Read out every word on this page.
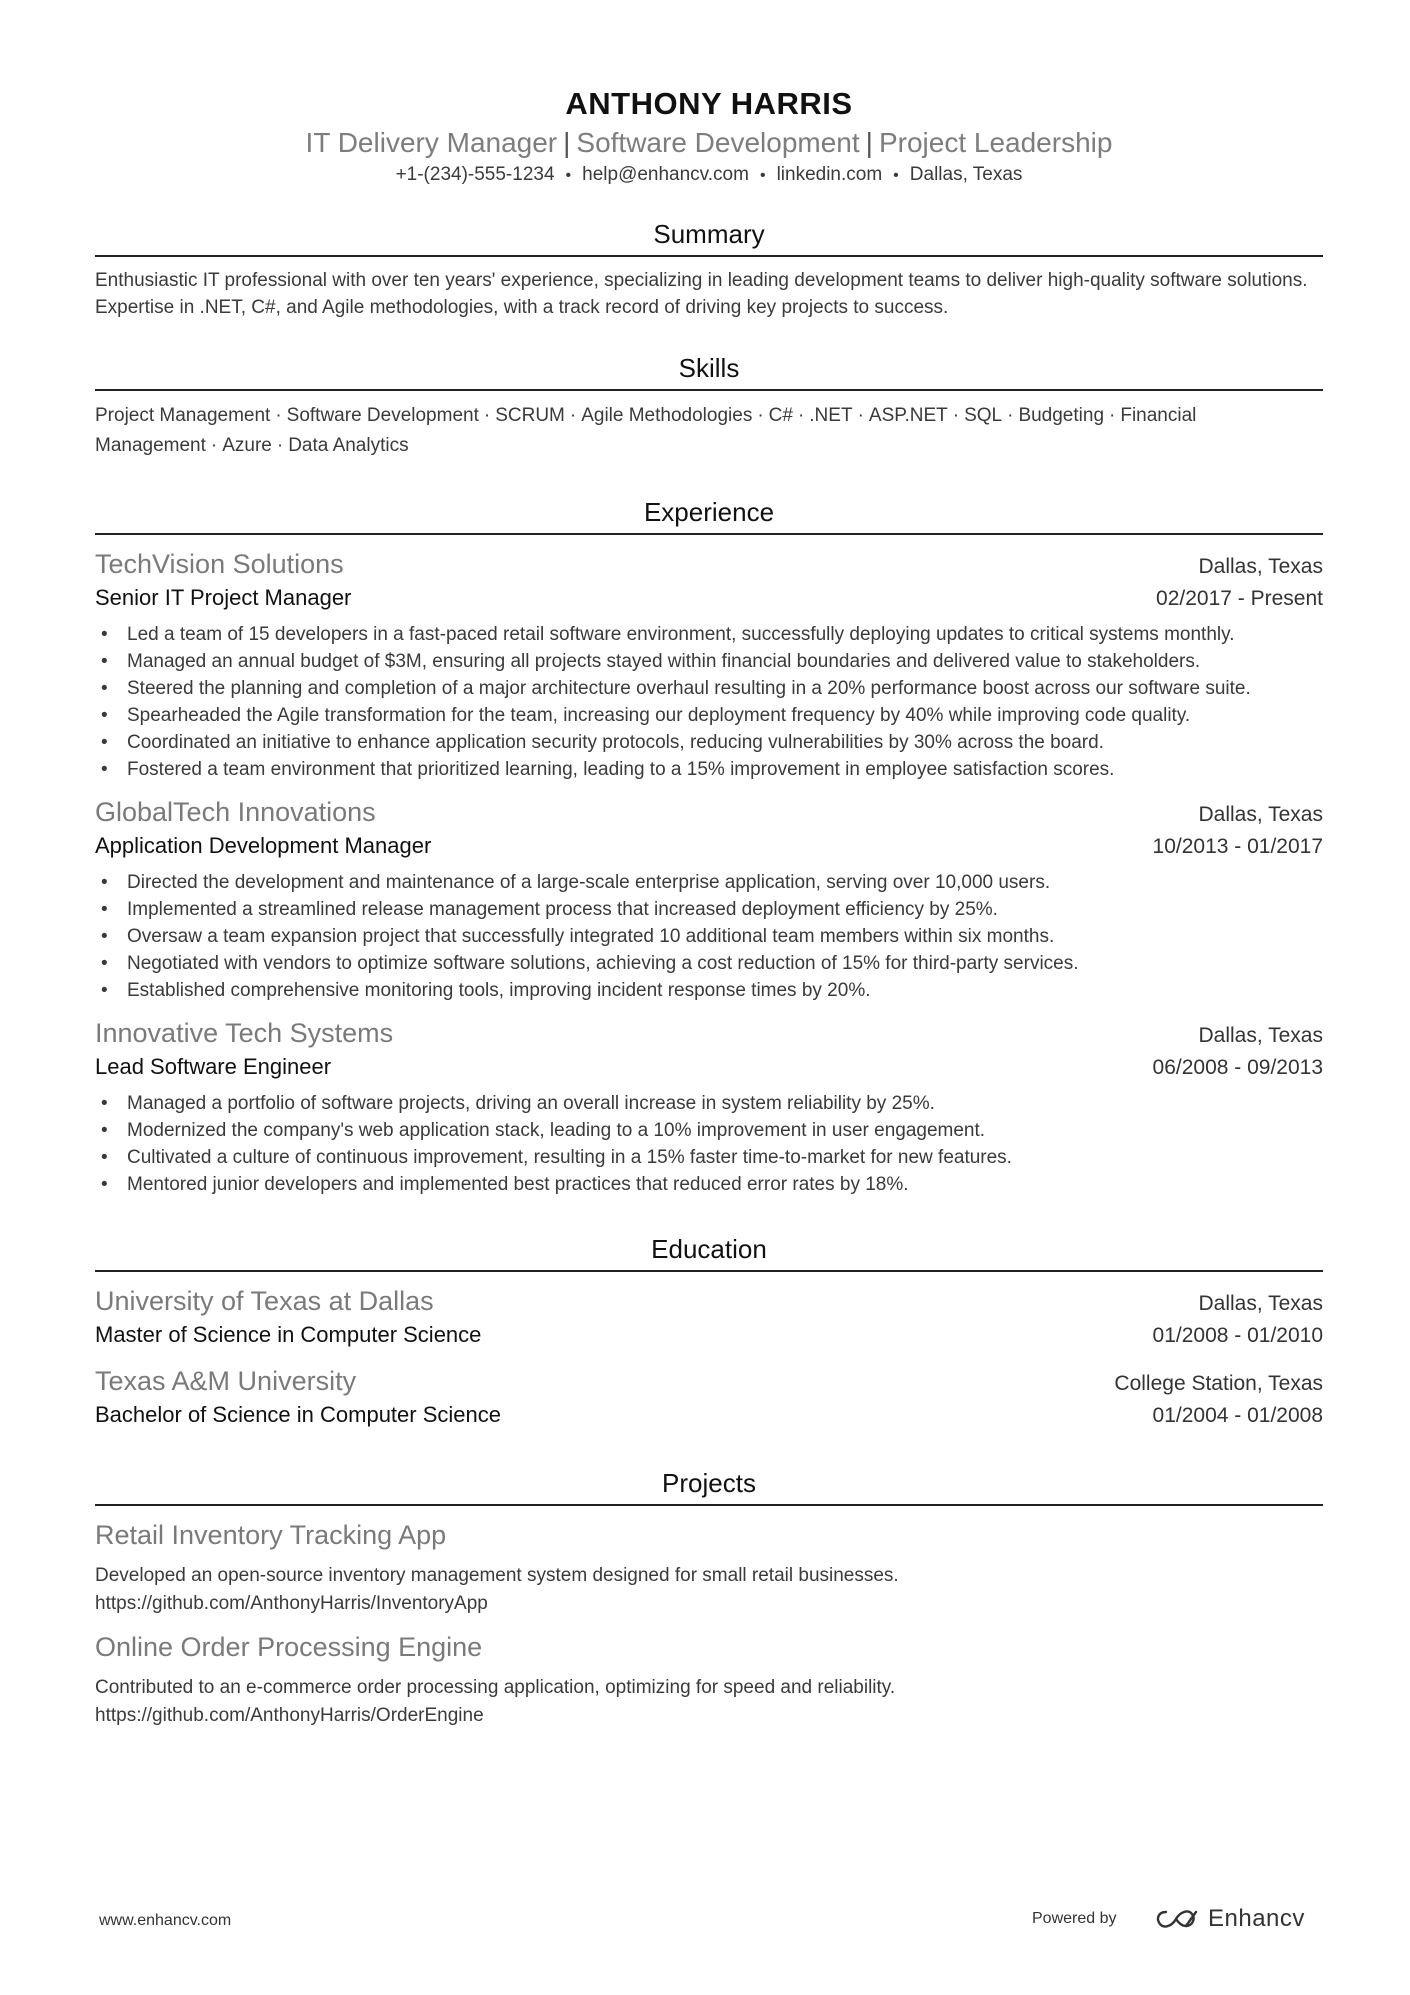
ANTHONY HARRIS
IT Delivery Manager | Software Development | Project Leadership
+1-(234)-555-1234 • help@enhancv.com • linkedin.com • Dallas, Texas
Summary

Enthusiastic IT professional with over ten years' experience, specializing in leading development teams to deliver high-quality software solutions. Expertise in .NET, C#, and Agile methodologies, with a track record of driving key projects to success.

Skills
Project Management · Software Development · SCRUM · Agile Methodologies · C# · .NET · ASP.NET · SQL · Budgeting · Financial Management · Azure · Data Analytics
Experience
TechVision Solutions	Dallas, Texas
Senior IT Project Manager	02/2017 - Present
• Led a team of 15 developers in a fast-paced retail software environment, successfully deploying updates to critical systems monthly.
• Managed an annual budget of $3M, ensuring all projects stayed within financial boundaries and delivered value to stakeholders.
• Steered the planning and completion of a major architecture overhaul resulting in a 20% performance boost across our software suite.
• Spearheaded the Agile transformation for the team, increasing our deployment frequency by 40% while improving code quality.
• Coordinated an initiative to enhance application security protocols, reducing vulnerabilities by 30% across the board.
• Fostered a team environment that prioritized learning, leading to a 15% improvement in employee satisfaction scores.
GlobalTech Innovations	Dallas, Texas
Application Development Manager	10/2013 - 01/2017
• Directed the development and maintenance of a large-scale enterprise application, serving over 10,000 users.
• Implemented a streamlined release management process that increased deployment efficiency by 25%.
• Oversaw a team expansion project that successfully integrated 10 additional team members within six months.
• Negotiated with vendors to optimize software solutions, achieving a cost reduction of 15% for third-party services.
• Established comprehensive monitoring tools, improving incident response times by 20%.
Innovative Tech Systems	Dallas, Texas
Lead Software Engineer	06/2008 - 09/2013
• Managed a portfolio of software projects, driving an overall increase in system reliability by 25%.
• Modernized the company's web application stack, leading to a 10% improvement in user engagement.
• Cultivated a culture of continuous improvement, resulting in a 15% faster time-to-market for new features.
• Mentored junior developers and implemented best practices that reduced error rates by 18%.
Education
University of Texas at Dallas	Dallas, Texas
Master of Science in Computer Science	01/2008 - 01/2010
Texas A&M University	College Station, Texas
Bachelor of Science in Computer Science	01/2004 - 01/2008
Projects
Retail Inventory Tracking App
Developed an open-source inventory management system designed for small retail businesses.
https://github.com/AnthonyHarris/InventoryApp
Online Order Processing Engine
Contributed to an e-commerce order processing application, optimizing for speed and reliability.
https://github.com/AnthonyHarris/OrderEngine
www.enhancv.com	Powered by	Enhancv
